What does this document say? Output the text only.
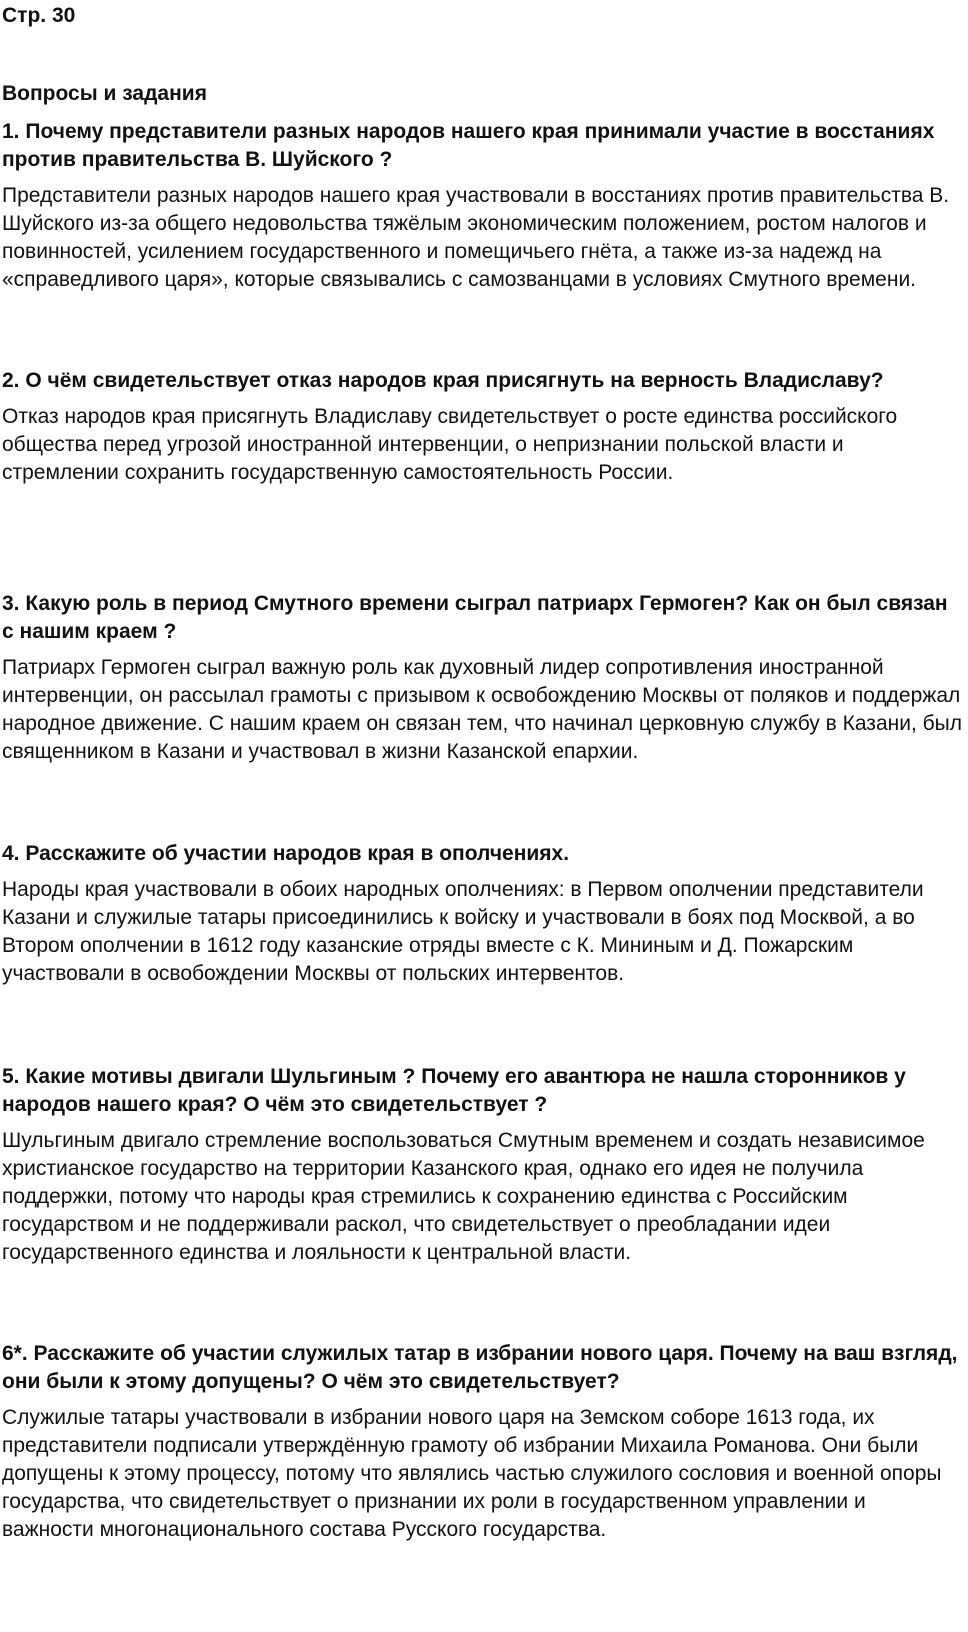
Стр. 30

Вопросы и задания

1. Почему представители разных народов нашего края принимали участие в восстаниях против правительства В. Шуйского ?

Представители разных народов нашего края участвовали в восстаниях против правительства В. Шуйского из-за общего недовольства тяжёлым экономическим положением, ростом налогов и повинностей, усилением государственного и помещичьего гнёта, а также из-за надежд на «справедливого царя», которые связывались с самозванцами в условиях Смутного времени.

2. О чём свидетельствует отказ народов края присягнуть на верность Владиславу?

Отказ народов края присягнуть Владиславу свидетельствует о росте единства российского общества перед угрозой иностранной интервенции, о непризнании польской власти и стремлении сохранить государственную самостоятельность России.

3. Какую роль в период Смутного времени сыграл патриарх Гермоген? Как он был связан с нашим краем ?

Патриарх Гермоген сыграл важную роль как духовный лидер сопротивления иностранной интервенции, он рассылал грамоты с призывом к освобождению Москвы от поляков и поддержал народное движение. С нашим краем он связан тем, что начинал церковную службу в Казани, был священником в Казани и участвовал в жизни Казанской епархии.

4. Расскажите об участии народов края в ополчениях.

Народы края участвовали в обоих народных ополчениях: в Первом ополчении представители Казани и служилые татары присоединились к войску и участвовали в боях под Москвой, а во Втором ополчении в 1612 году казанские отряды вместе с К. Мининым и Д. Пожарским участвовали в освобождении Москвы от польских интервентов.

5. Какие мотивы двигали Шульгиным ? Почему его авантюра не нашла сторонников у народов нашего края? О чём это свидетельствует ?

Шульгиным двигало стремление воспользоваться Смутным временем и создать независимое христианское государство на территории Казанского края, однако его идея не получила поддержки, потому что народы края стремились к сохранению единства с Российским государством и не поддерживали раскол, что свидетельствует о преобладании идеи государственного единства и лояльности к центральной власти.

6*. Расскажите об участии служилых татар в избрании нового царя. Почему на ваш взгляд, они были к этому допущены? О чём это свидетельствует?

Служилые татары участвовали в избрании нового царя на Земском соборе 1613 года, их представители подписали утверждённую грамоту об избрании Михаила Романова. Они были допущены к этому процессу, потому что являлись частью служилого сословия и военной опоры государства, что свидетельствует о признании их роли в государственном управлении и важности многонационального состава Русского государства.
